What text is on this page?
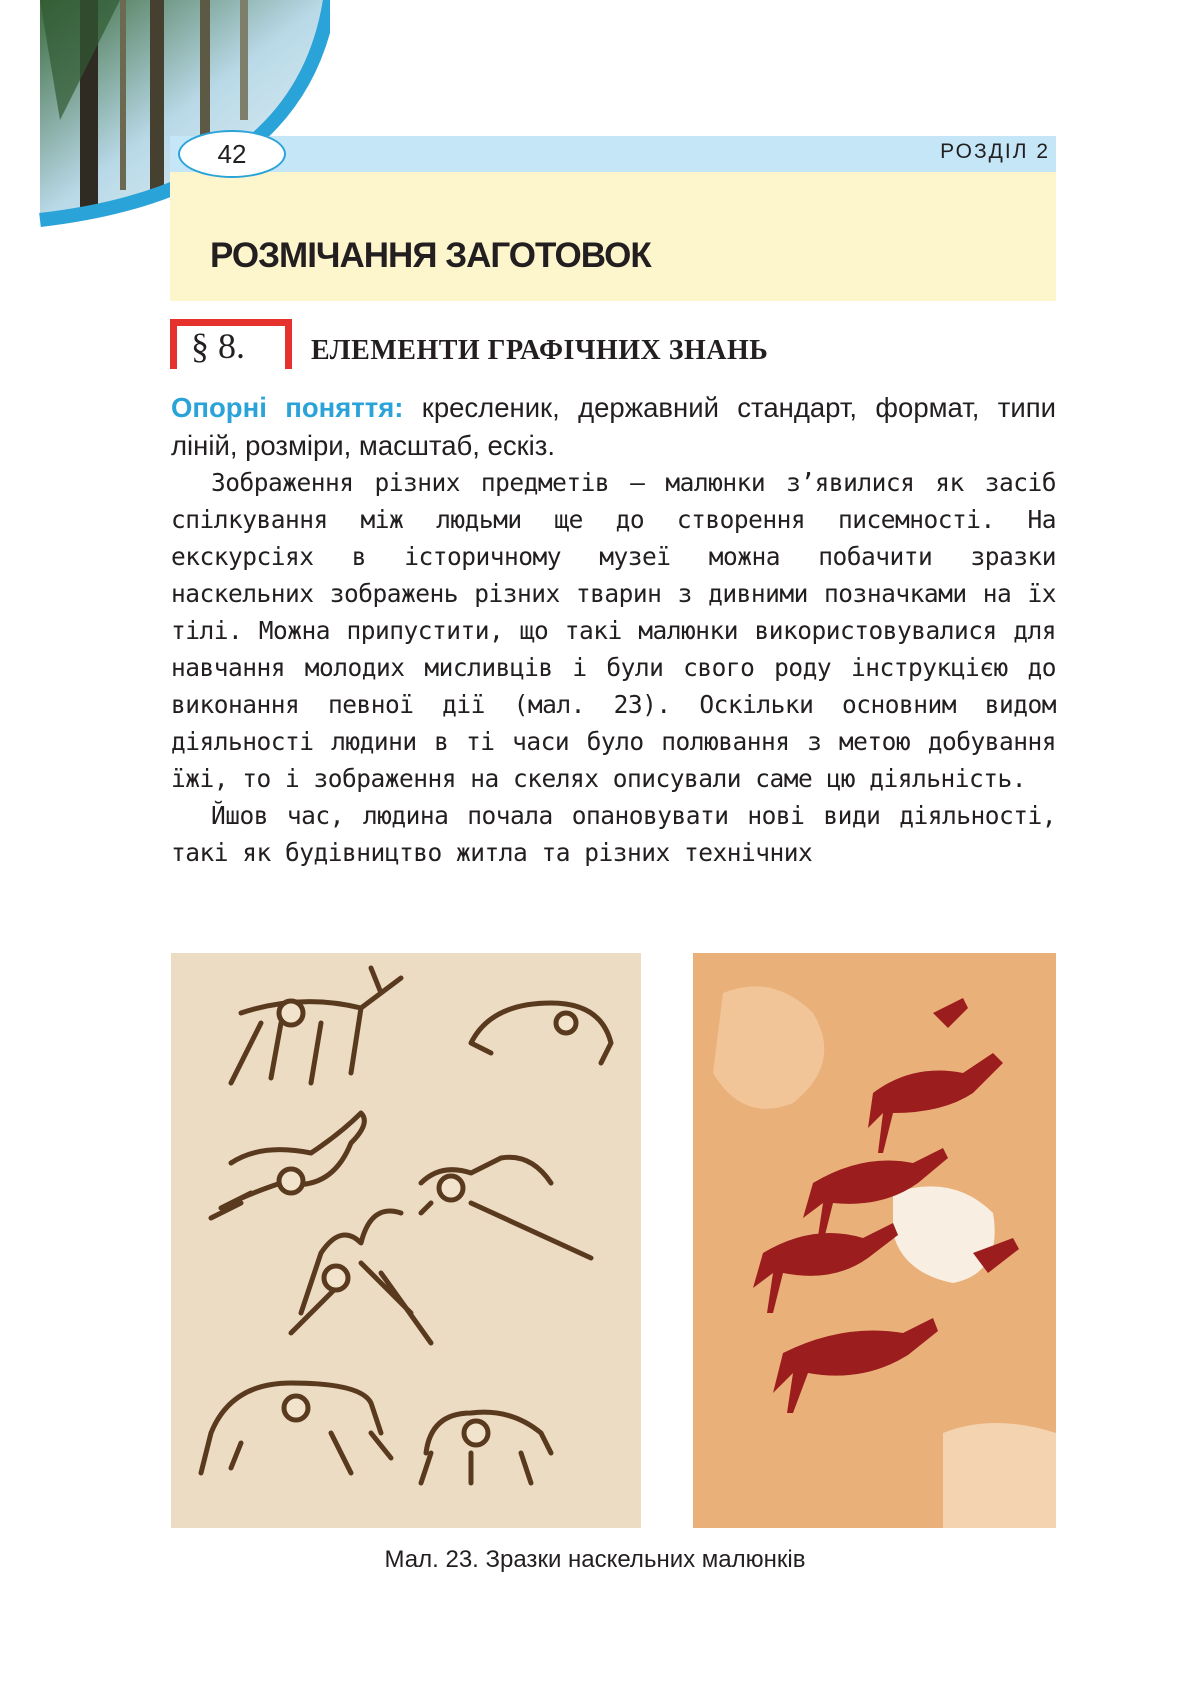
42	РОЗДІЛ 2
РОЗМІЧАННЯ ЗАГОТОВОК
§ 8.	ЕЛЕМЕНТИ ГРАФІЧНИХ ЗНАНЬ

Опорні поняття: кресленик, державний стандарт, формат, типи ліній, розміри, масштаб, ескіз.

Зображення різних предметів — малюнки з’явилися як засіб спілкування між людьми ще до створення писемності. На екскурсіях в історичному музеї можна побачити зразки наскельних зображень різних тварин з дивними позначками на їх тілі. Можна припустити, що такі малюнки використовувалися для навчання молодих мисливців і були свого роду інструкцією до виконання певної дії (мал. 23). Оскільки основним видом діяльності людини в ті часи було полювання з метою добування їжі, то і зображення на скелях описували саме цю діяльність.

Йшов час, людина почала опановувати нові види діяльності, такі як будівництво житла та різних технічних

Мал. 23. Зразки наскельних малюнків
